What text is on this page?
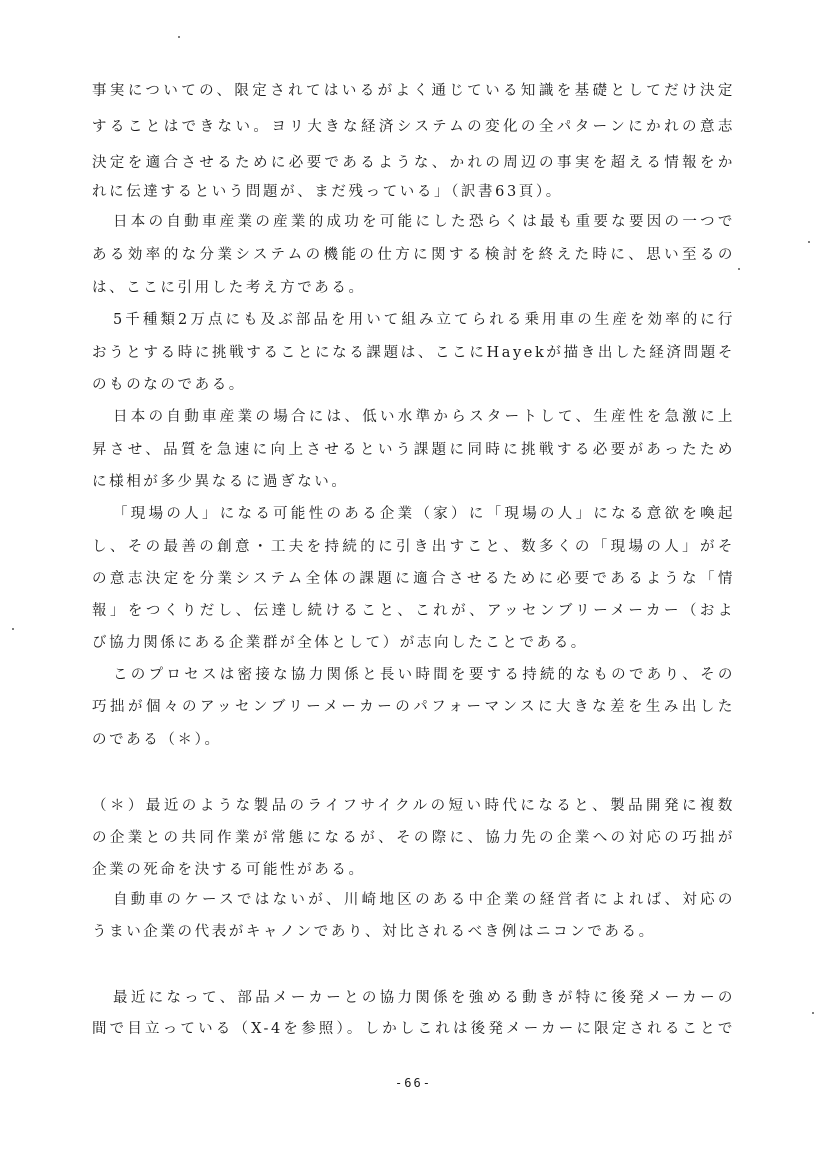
事実についての、限定されてはいるがよく通じている知識を基礎としてだけ決定
することはできない。ヨリ大きな経済システムの変化の全パターンにかれの意志
決定を適合させるために必要であるような、かれの周辺の事実を超える情報をか
れに伝達するという問題が、まだ残っている」（訳書63頁）。
日本の自動車産業の産業的成功を可能にした恐らくは最も重要な要因の一つで
ある効率的な分業システムの機能の仕方に関する検討を終えた時に、思い至るの
は、ここに引用した考え方である。
5千種類2万点にも及ぶ部品を用いて組み立てられる乗用車の生産を効率的に行
おうとする時に挑戦することになる課題は、ここにHayekが描き出した経済問題そ
のものなのである。
日本の自動車産業の場合には、低い水準からスタートして、生産性を急激に上
昇させ、品質を急速に向上させるという課題に同時に挑戦する必要があったため
に様相が多少異なるに過ぎない。
「現場の人」になる可能性のある企業（家）に「現場の人」になる意欲を喚起
し、その最善の創意・工夫を持続的に引き出すこと、数多くの「現場の人」がそ
の意志決定を分業システム全体の課題に適合させるために必要であるような「情
報」をつくりだし、伝達し続けること、これが、アッセンブリーメーカー（およ
び協力関係にある企業群が全体として）が志向したことである。
このプロセスは密接な協力関係と長い時間を要する持続的なものであり、その
巧拙が個々のアッセンブリーメーカーのパフォーマンスに大きな差を生み出した
のである（＊）。
（＊）最近のような製品のライフサイクルの短い時代になると、製品開発に複数
の企業との共同作業が常態になるが、その際に、協力先の企業への対応の巧拙が
企業の死命を決する可能性がある。
自動車のケースではないが、川崎地区のある中企業の経営者によれば、対応の
うまい企業の代表がキャノンであり、対比されるべき例はニコンである。
最近になって、部品メーカーとの協力関係を強める動きが特に後発メーカーの
間で目立っている（X-4を参照）。しかしこれは後発メーカーに限定されることで
-66-
